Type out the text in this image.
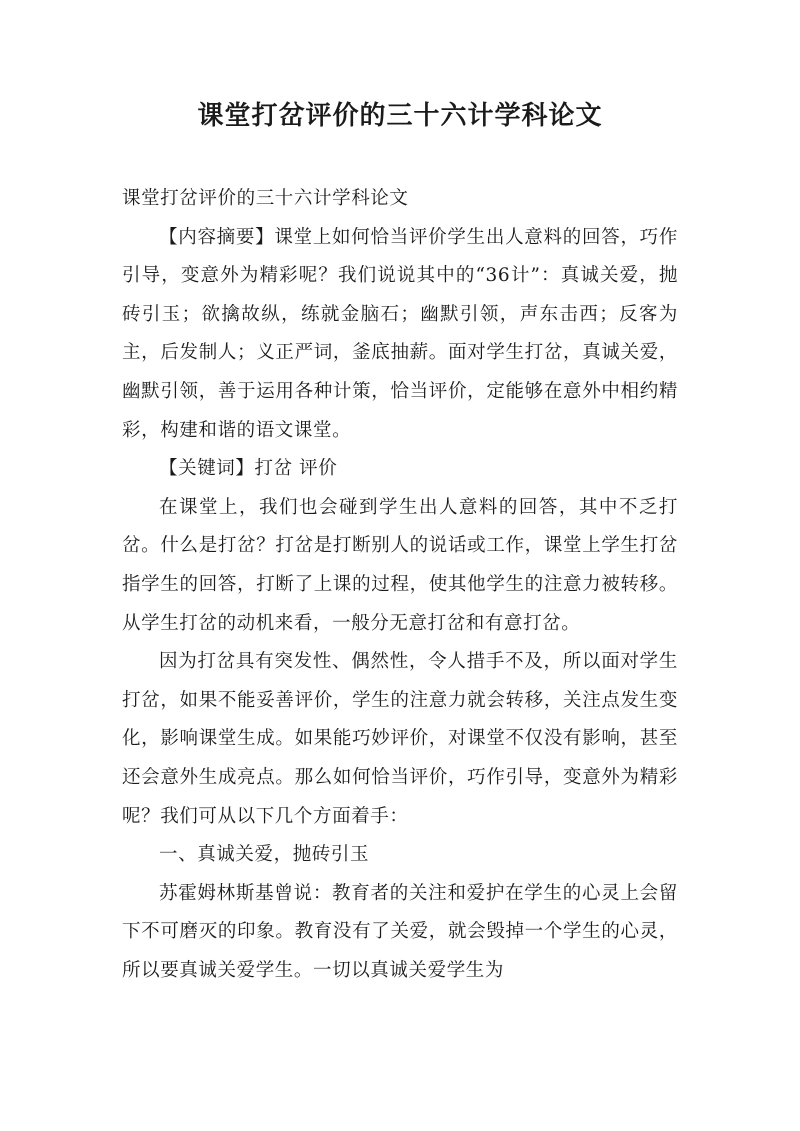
课堂打岔评价的三十六计学科论文

课堂打岔评价的三十六计学科论文

【内容摘要】课堂上如何恰当评价学生出人意料的回答，巧作引导，变意外为精彩呢？我们说说其中的“36计”：真诚关爱，抛砖引玉；欲擒故纵，练就金脑石；幽默引领，声东击西；反客为主，后发制人；义正严词，釜底抽薪。面对学生打岔，真诚关爱，幽默引领，善于运用各种计策，恰当评价，定能够在意外中相约精彩，构建和谐的语文课堂。

【关键词】打岔 评价

在课堂上，我们也会碰到学生出人意料的回答，其中不乏打岔。什么是打岔？打岔是打断别人的说话或工作，课堂上学生打岔指学生的回答，打断了上课的过程，使其他学生的注意力被转移。从学生打岔的动机来看，一般分无意打岔和有意打岔。

因为打岔具有突发性、偶然性，令人措手不及，所以面对学生打岔，如果不能妥善评价，学生的注意力就会转移，关注点发生变化，影响课堂生成。如果能巧妙评价，对课堂不仅没有影响，甚至还会意外生成亮点。那么如何恰当评价，巧作引导，变意外为精彩呢？我们可从以下几个方面着手：

一、真诚关爱，抛砖引玉

苏霍姆林斯基曾说：教育者的关注和爱护在学生的心灵上会留下不可磨灭的印象。教育没有了关爱，就会毁掉一个学生的心灵，所以要真诚关爱学生。一切以真诚关爱学生为
